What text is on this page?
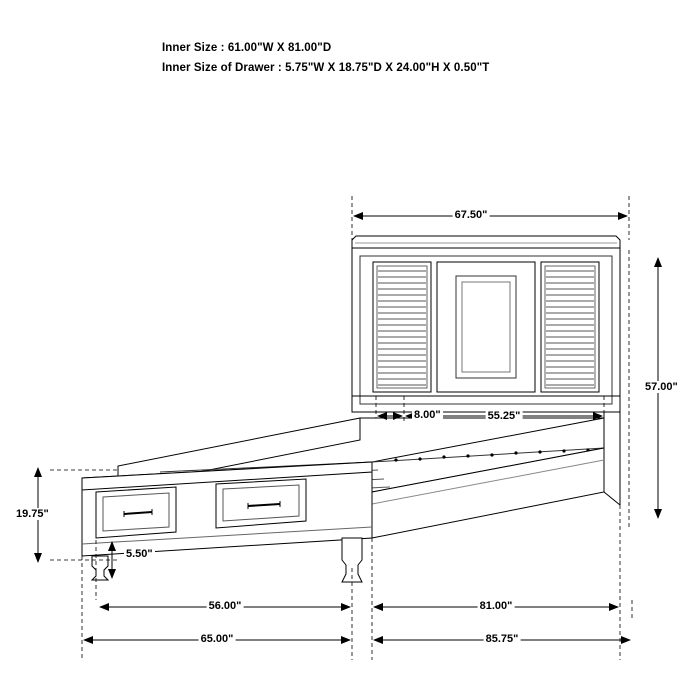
Inner Size : 61.00"W X 81.00"D
Inner Size of Drawer : 5.75"W X 18.75"D X 24.00"H X 0.50"T
67.50"
57.00"
8.00"	55.25"
19.75"
5.50"
56.00"	81.00"
65.00"	85.75"
